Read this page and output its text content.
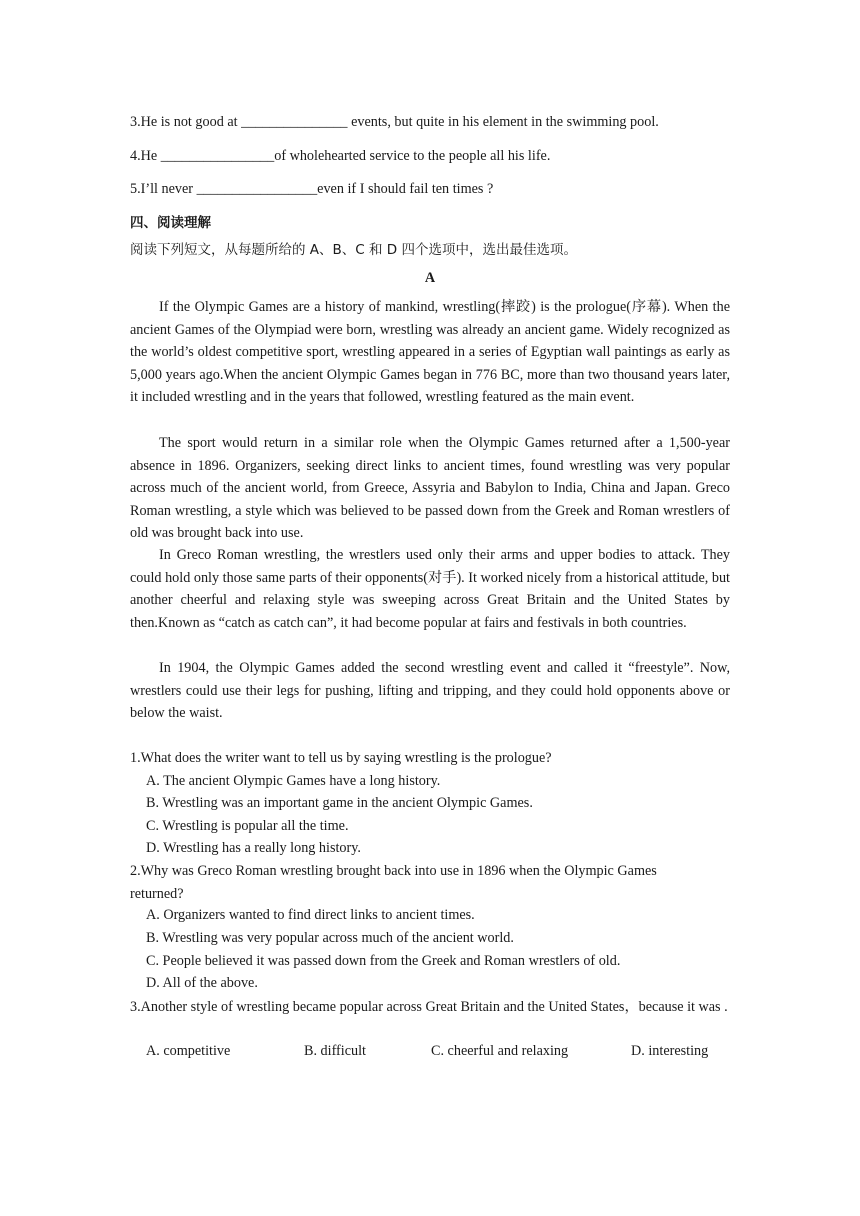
3.He is not good at _______________ events, but quite in his element in the swimming pool.
4.He ________________of wholehearted service to the people all his life.
5.I’ll never _________________even if I should fail ten times ?
四、阅读理解
阅读下列短文，从每题所给的 A、B、C 和 D 四个选项中，选出最佳选项。
A
If the Olympic Games are a history of mankind, wrestling(摔跤) is the prologue(序幕). When the ancient Games of the Olympiad were born, wrestling was already an ancient game. Widely recognized as the world’s oldest competitive sport, wrestling appeared in a series of Egyptian wall paintings as early as 5,000 years ago.When the ancient Olympic Games began in 776 BC, more than two thousand years later, it included wrestling and in the years that followed, wrestling featured as the main event.
The sport would return in a similar role when the Olympic Games returned after a 1,500-year absence in 1896. Organizers, seeking direct links to ancient times, found wrestling was very popular across much of the ancient world, from Greece, Assyria and Babylon to India, China and Japan. Greco Roman wrestling, a style which was believed to be passed down from the Greek and Roman wrestlers of old was brought back into use.
In Greco Roman wrestling, the wrestlers used only their arms and upper bodies to attack. They could hold only those same parts of their opponents(对手). It worked nicely from a historical attitude, but another cheerful and relaxing style was sweeping across Great Britain and the United States by then.Known as “catch as catch can”, it had become popular at fairs and festivals in both countries.
In 1904, the Olympic Games added the second wrestling event and called it “freestyle”. Now, wrestlers could use their legs for pushing, lifting and tripping, and they could hold opponents above or below the waist.
1.What does the writer want to tell us by saying wrestling is the prologue?
A. The ancient Olympic Games have a long history.
B. Wrestling was an important game in the ancient Olympic Games.
C. Wrestling is popular all the time.
D. Wrestling has a really long history.
2.Why was Greco Roman wrestling brought back into use in 1896 when the Olympic Games returned?
A. Organizers wanted to find direct links to ancient times.
B. Wrestling was very popular across much of the ancient world.
C. People believed it was passed down from the Greek and Roman wrestlers of old.
D. All of the above.
3.Another style of wrestling became popular across Great Britain and the United States，because it was .
A. competitive	B. difficult	C. cheerful and relaxing	D. interesting
